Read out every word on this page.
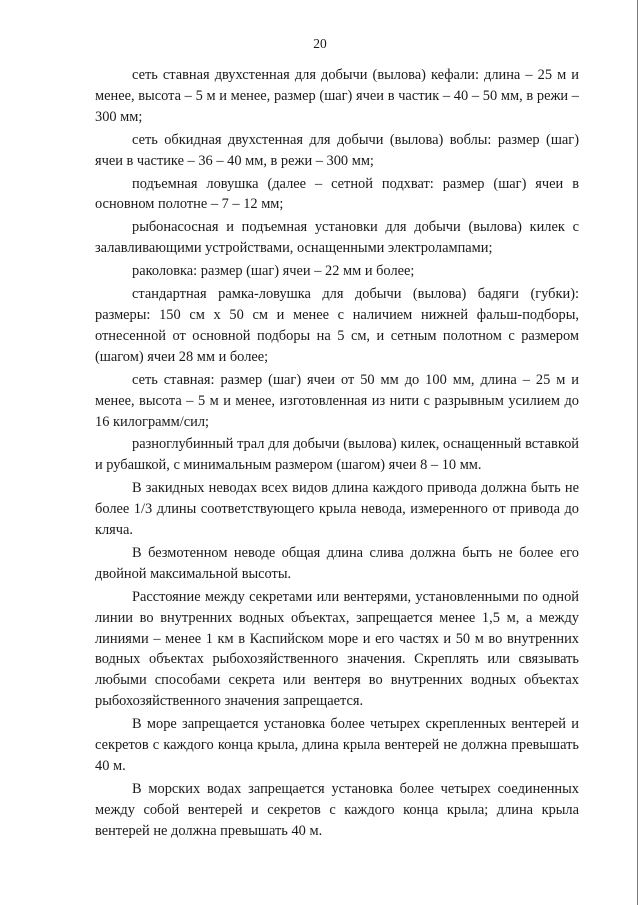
20

сеть ставная двухстенная для добычи (вылова) кефали: длина – 25 м и менее, высота – 5 м и менее, размер (шаг) ячеи в частик – 40 – 50 мм, в режи – 300 мм;

сеть обкидная двухстенная для добычи (вылова) воблы: размер (шаг) ячеи в частике – 36 – 40 мм, в режи – 300 мм;

подъемная ловушка (далее – сетной подхват: размер (шаг) ячеи в основном полотне – 7 – 12 мм;

рыбонасосная и подъемная установки для добычи (вылова) килек с залавливающими устройствами, оснащенными электролампами;

раколовка: размер (шаг) ячеи – 22 мм и более;

стандартная рамка-ловушка для добычи (вылова) бадяги (губки): размеры: 150 см х 50 см и менее с наличием нижней фальш-подборы, отнесенной от основной подборы на 5 см, и сетным полотном с размером (шагом) ячеи 28 мм и более;

сеть ставная: размер (шаг) ячеи от 50 мм до 100 мм, длина – 25 м и менее, высота – 5 м и менее, изготовленная из нити с разрывным усилием до 16 килограмм/сил;

разноглубинный трал для добычи (вылова) килек, оснащенный вставкой и рубашкой, с минимальным размером (шагом) ячеи 8 – 10 мм.

В закидных неводах всех видов длина каждого привода должна быть не более 1/3 длины соответствующего крыла невода, измеренного от привода до кляча.

В безмотенном неводе общая длина слива должна быть не более его двойной максимальной высоты.

Расстояние между секретами или вентерями, установленными по одной линии во внутренних водных объектах, запрещается менее 1,5 м, а между линиями – менее 1 км в Каспийском море и его частях и 50 м во внутренних водных объектах рыбохозяйственного значения. Скреплять или связывать любыми способами секрета или вентеря во внутренних водных объектах рыбохозяйственного значения запрещается.

В море запрещается установка более четырех скрепленных вентерей и секретов с каждого конца крыла, длина крыла вентерей не должна превышать 40 м.

В морских водах запрещается установка более четырех соединенных между собой вентерей и секретов с каждого конца крыла; длина крыла вентерей не должна превышать 40 м.
